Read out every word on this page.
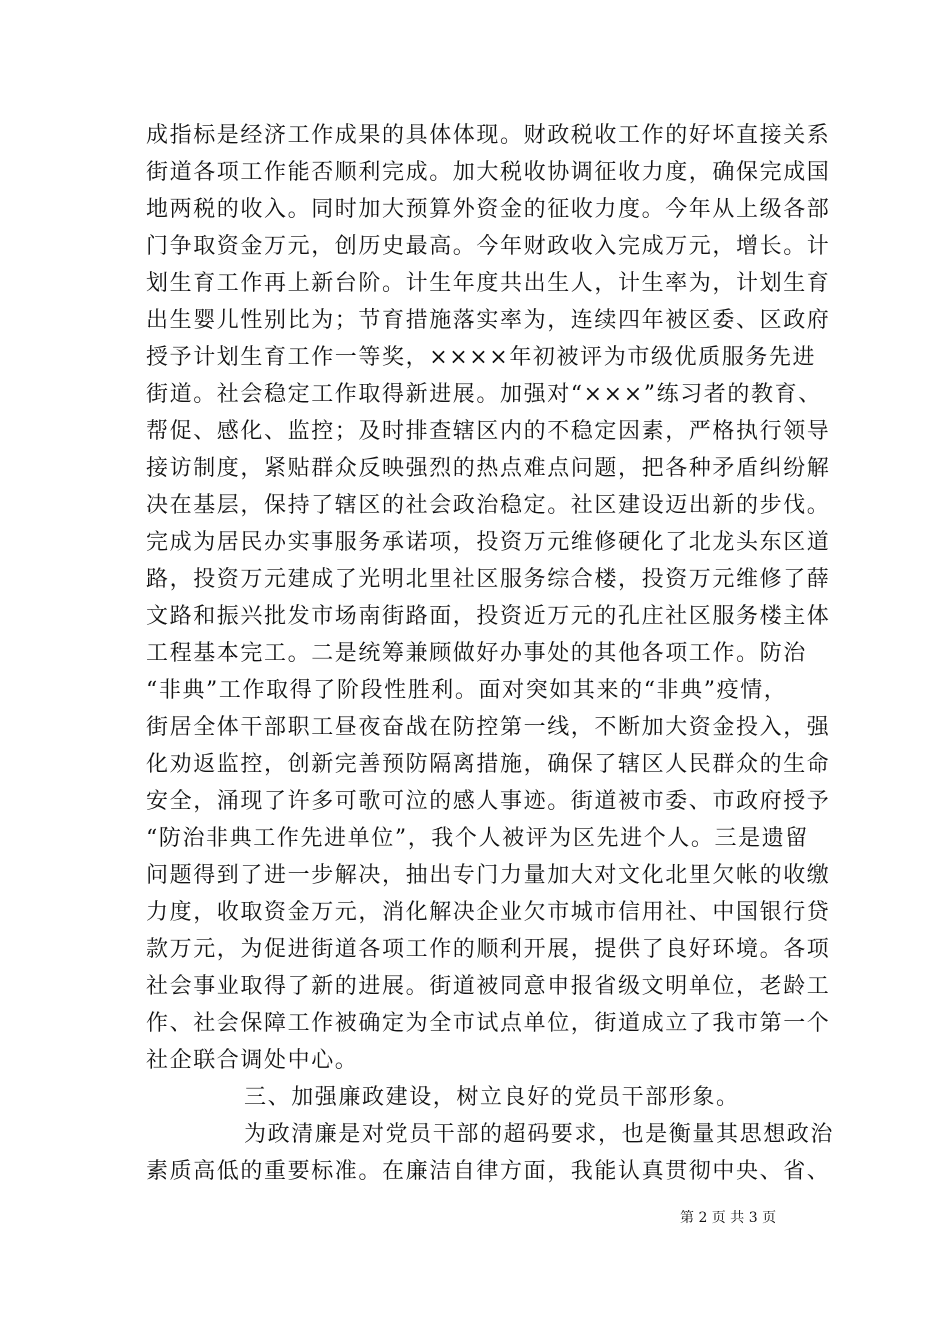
成指标是经济工作成果的具体体现。财政税收工作的好坏直接关系
街道各项工作能否顺利完成。加大税收协调征收力度，确保完成国
地两税的收入。同时加大预算外资金的征收力度。今年从上级各部
门争取资金万元，创历史最高。今年财政收入完成万元，增长。计
划生育工作再上新台阶。计生年度共出生人，计生率为，计划生育
出生婴儿性别比为；节育措施落实率为，连续四年被区委、区政府
授予计划生育工作一等奖，××××年初被评为市级优质服务先进
街道。社会稳定工作取得新进展。加强对“×××”练习者的教育、
帮促、感化、监控；及时排查辖区内的不稳定因素，严格执行领导
接访制度，紧贴群众反映强烈的热点难点问题，把各种矛盾纠纷解
决在基层，保持了辖区的社会政治稳定。社区建设迈出新的步伐。
完成为居民办实事服务承诺项，投资万元维修硬化了北龙头东区道
路，投资万元建成了光明北里社区服务综合楼，投资万元维修了薛
文路和振兴批发市场南街路面，投资近万元的孔庄社区服务楼主体
工程基本完工。二是统筹兼顾做好办事处的其他各项工作。防治
“非典”工作取得了阶段性胜利。面对突如其来的“非典”疫情，
街居全体干部职工昼夜奋战在防控第一线，不断加大资金投入，强
化劝返监控，创新完善预防隔离措施，确保了辖区人民群众的生命
安全，涌现了许多可歌可泣的感人事迹。街道被市委、市政府授予
“防治非典工作先进单位”，我个人被评为区先进个人。三是遗留
问题得到了进一步解决，抽出专门力量加大对文化北里欠帐的收缴
力度，收取资金万元，消化解决企业欠市城市信用社、中国银行贷
款万元，为促进街道各项工作的顺利开展，提供了良好环境。各项
社会事业取得了新的进展。街道被同意申报省级文明单位，老龄工
作、社会保障工作被确定为全市试点单位，街道成立了我市第一个
社企联合调处中心。
三、加强廉政建设，树立良好的党员干部形象。
为政清廉是对党员干部的超码要求，也是衡量其思想政治
素质高低的重要标准。在廉洁自律方面，我能认真贯彻中央、省、
第 2 页 共 3 页
